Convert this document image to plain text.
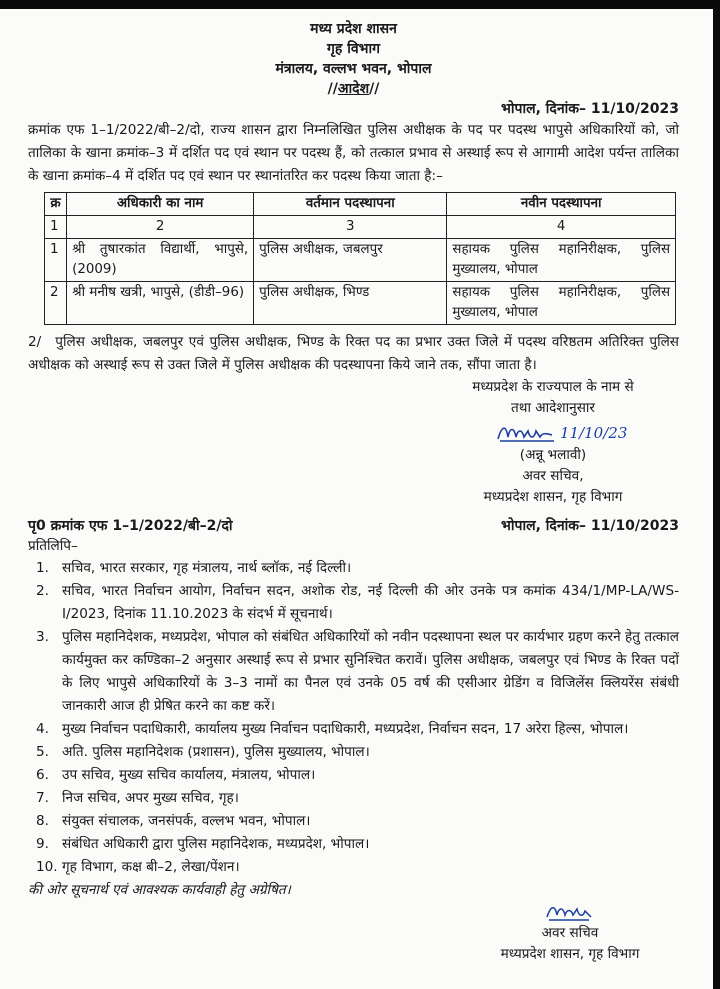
मध्य प्रदेश शासन
गृह विभाग
मंत्रालय, वल्लभ भवन, भोपाल
//आदेश//
भोपाल, दिनांक– 11/10/2023
क्रमांक एफ 1–1/2022/बी–2/दो, राज्य शासन द्वारा निम्नलिखित पुलिस अधीक्षक के पद पर पदस्थ भापुसे अधिकारियों को, जो तालिका के खाना क्रमांक–3 में दर्शित पद एवं स्थान पर पदस्थ हैं, को तत्काल प्रभाव से अस्थाई रूप से आगामी आदेश पर्यन्त तालिका के खाना क्रमांक–4 में दर्शित पद एवं स्थान पर स्थानांतरित कर पदस्थ किया जाता है:–
क्र	अधिकारी का नाम	वर्तमान पदस्थापना	नवीन पदस्थापना
1	2	3	4
1	श्री तुषारकांत विद्यार्थी, भापुसे, (2009)	पुलिस अधीक्षक, जबलपुर	सहायक पुलिस महानिरीक्षक, पुलिस मुख्यालय, भोपाल
2	श्री मनीष खत्री, भापुसे, (डीडी–96)	पुलिस अधीक्षक, भिण्ड	सहायक पुलिस महानिरीक्षक, पुलिस मुख्यालय, भोपाल
2/ पुलिस अधीक्षक, जबलपुर एवं पुलिस अधीक्षक, भिण्ड के रिक्त पद का प्रभार उक्त जिले में पदस्थ वरिष्ठतम अतिरिक्त पुलिस अधीक्षक को अस्थाई रूप से उक्त जिले में पुलिस अधीक्षक की पदस्थापना किये जाने तक, सौंपा जाता है।
मध्यप्रदेश के राज्यपाल के नाम से
तथा आदेशानुसार
11/10/23
(अन्नू भलावी)
अवर सचिव,
मध्यप्रदेश शासन, गृह विभाग
पृ0 क्रमांक एफ 1–1/2022/बी–2/दो	भोपाल, दिनांक– 11/10/2023
प्रतिलिपि–
1. सचिव, भारत सरकार, गृह मंत्रालय, नार्थ ब्लॉक, नई दिल्ली।
2. सचिव, भारत निर्वाचन आयोग, निर्वाचन सदन, अशोक रोड, नई दिल्ली की ओर उनके पत्र कमांक 434/1/MP-LA/WS-I/2023, दिनांक 11.10.2023 के संदर्भ में सूचनार्थ।
3. पुलिस महानिदेशक, मध्यप्रदेश, भोपाल को संबंधित अधिकारियों को नवीन पदस्थापना स्थल पर कार्यभार ग्रहण करने हेतु तत्काल कार्यमुक्त कर कण्डिका–2 अनुसार अस्थाई रूप से प्रभार सुनिश्चित करावें। पुलिस अधीक्षक, जबलपुर एवं भिण्ड के रिक्त पदों के लिए भापुसे अधिकारियों के 3–3 नामों का पैनल एवं उनके 05 वर्ष की एसीआर ग्रेडिंग व विजिलेंस क्लियरेंस संबंधी जानकारी आज ही प्रेषित करने का कष्ट करें।
4. मुख्य निर्वाचन पदाधिकारी, कार्यालय मुख्य निर्वाचन पदाधिकारी, मध्यप्रदेश, निर्वाचन सदन, 17 अरेरा हिल्स, भोपाल।
5. अति. पुलिस महानिदेशक (प्रशासन), पुलिस मुख्यालय, भोपाल।
6. उप सचिव, मुख्य सचिव कार्यालय, मंत्रालय, भोपाल।
7. निज सचिव, अपर मुख्य सचिव, गृह।
8. संयुक्त संचालक, जनसंपर्क, वल्लभ भवन, भोपाल।
9. संबंधित अधिकारी द्वारा पुलिस महानिदेशक, मध्यप्रदेश, भोपाल।
10. गृह विभाग, कक्ष बी–2, लेखा/पेंशन।
की ओर सूचनार्थ एवं आवश्यक कार्यवाही हेतु अग्रेषित।
अवर सचिव
मध्यप्रदेश शासन, गृह विभाग
